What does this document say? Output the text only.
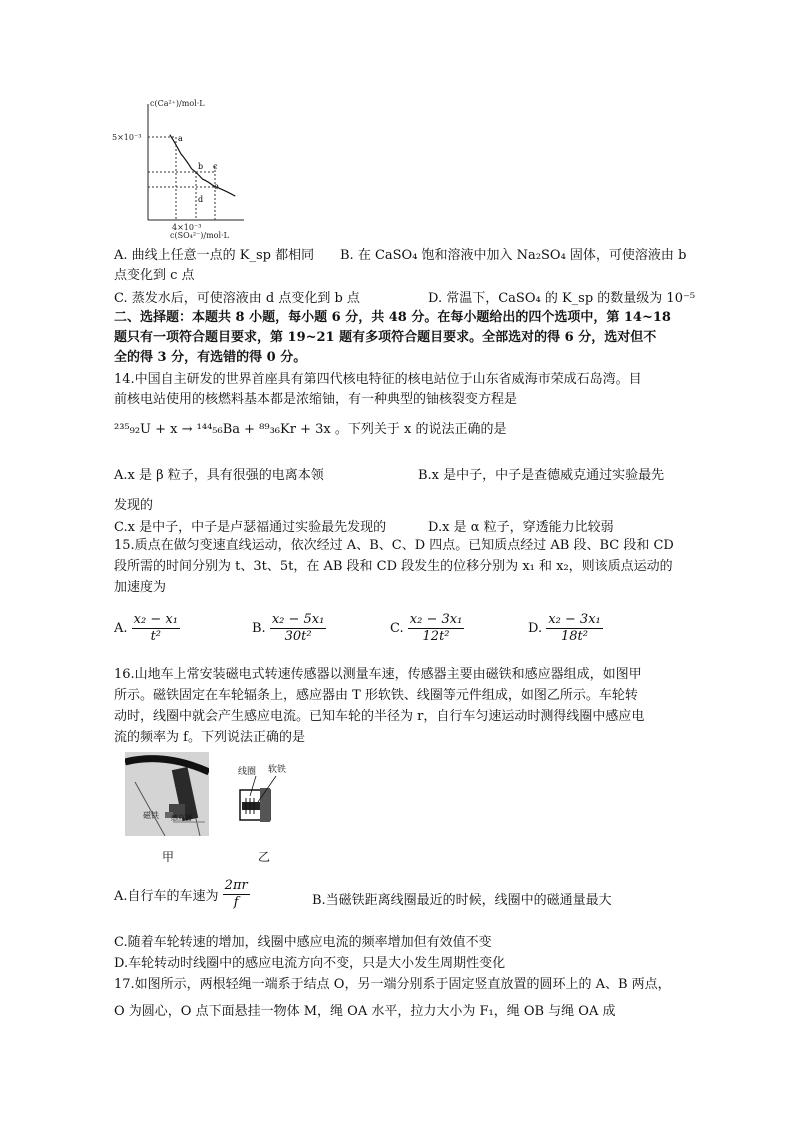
c(Ca²⁺)/mol·L
5×10⁻³
4×10⁻³
c(SO₄²⁻)/mol·L
a
b c
e
d
A. 曲线上任意一点的 K_sp 都相同 B. 在 CaSO₄ 饱和溶液中加入 Na₂SO₄ 固体，可使溶液由 b
点变化到 c 点
C. 蒸发水后，可使溶液由 d 点变化到 b 点	D. 常温下，CaSO₄ 的 K_sp 的数量级为 10⁻⁵
二、选择题：本题共 8 小题，每小题 6 分，共 48 分。在每小题给出的四个选项中，第 14~18
题只有一项符合题目要求，第 19~21 题有多项符合题目要求。全部选对的得 6 分，选对但不
全的得 3 分，有选错的得 0 分。
14.中国自主研发的世界首座具有第四代核电特征的核电站位于山东省威海市荣成石岛湾。目
前核电站使用的核燃料基本都是浓缩铀，有一种典型的铀核裂变方程是
²³⁵₉₂U + x → ¹⁴⁴₅₆Ba + ⁸⁹₃₆Kr + 3x 。下列关于 x 的说法正确的是
A.x 是 β 粒子，具有很强的电离本领	B.x 是中子，中子是查德威克通过实验最先
发现的
C.x 是中子，中子是卢瑟福通过实验最先发现的	D.x 是 α 粒子，穿透能力比较弱
15.质点在做匀变速直线运动，依次经过 A、B、C、D 四点。已知质点经过 AB 段、BC 段和 CD
段所需的时间分别为 t、3t、5t，在 AB 段和 CD 段发生的位移分别为 x₁ 和 x₂，则该质点运动的
加速度为
A. $\frac{\text{x₂ − x₁}}{\text{t²}}$	B. $\frac{\text{x₂ − 5x₁}}{\text{30t²}}$	C. $\frac{\text{x₂ − 3x₁}}{\text{12t²}}$	D. $\frac{\text{x₂ − 3x₁}}{\text{18t²}}$
16.山地车上常安装磁电式转速传感器以测量车速，传感器主要由磁铁和感应器组成，如图甲
所示。磁铁固定在车轮辐条上，感应器由 T 形软铁、线圈等元件组成，如图乙所示。车轮转
动时，线圈中就会产生感应电流。已知车轮的半径为 r，自行车匀速运动时测得线圈中感应电
流的频率为 f。下列说法正确的是
磁铁 感应器
线圈 软铁
甲	乙
A.自行车的车速为 $\frac{2\pi r}{f}$	B.当磁铁距离线圈最近的时候，线圈中的磁通量最大
C.随着车轮转速的增加，线圈中感应电流的频率增加但有效值不变
D.车轮转动时线圈中的感应电流方向不变，只是大小发生周期性变化
17.如图所示，两根轻绳一端系于结点 O，另一端分别系于固定竖直放置的圆环上的 A、B 两点，
O 为圆心，O 点下面悬挂一物体 M，绳 OA 水平，拉力大小为 F₁，绳 OB 与绳 OA 成
